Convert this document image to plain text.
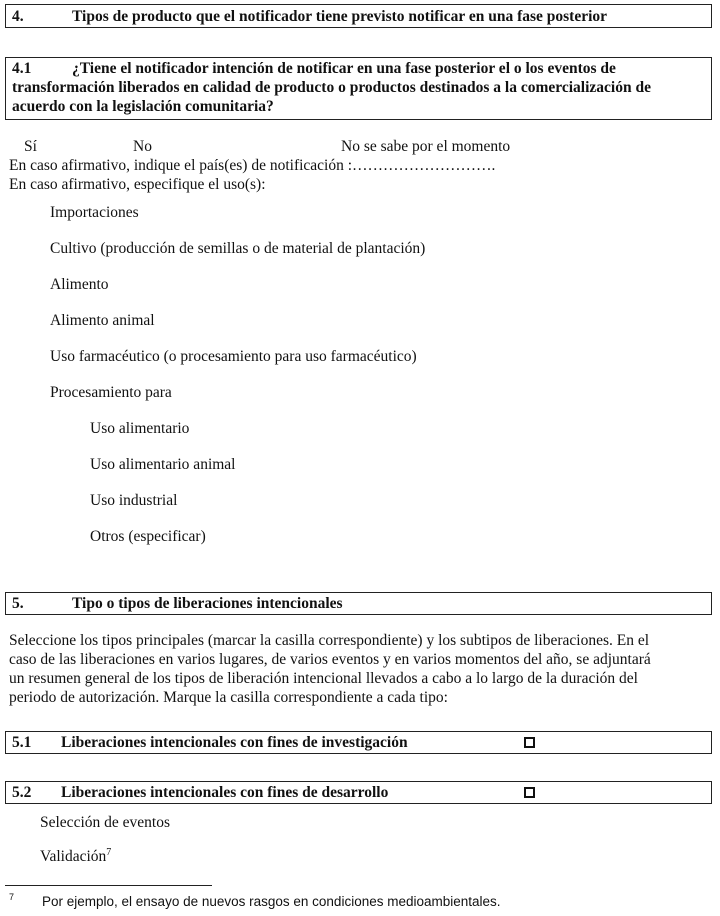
4.	Tipos de producto que el notificador tiene previsto notificar en una fase posterior
4.1	¿Tiene el notificador intención de notificar en una fase posterior el o los eventos de
transformación liberados en calidad de producto o productos destinados a la comercialización de
acuerdo con la legislación comunitaria?
Sí	No	No se sabe por el momento
En caso afirmativo, indique el país(es) de notificación :……………………….
En caso afirmativo, especifique el uso(s):
Importaciones
Cultivo (producción de semillas o de material de plantación)
Alimento
Alimento animal
Uso farmacéutico (o procesamiento para uso farmacéutico)
Procesamiento para
Uso alimentario
Uso alimentario animal
Uso industrial
Otros (especificar)
5.	Tipo o tipos de liberaciones intencionales
Seleccione los tipos principales (marcar la casilla correspondiente) y los subtipos de liberaciones. En el
caso de las liberaciones en varios lugares, de varios eventos y en varios momentos del año, se adjuntará
un resumen general de los tipos de liberación intencional llevados a cabo a lo largo de la duración del
periodo de autorización. Marque la casilla correspondiente a cada tipo:
5.1 Liberaciones intencionales con fines de investigación
5.2 Liberaciones intencionales con fines de desarrollo
Selección de eventos
Validación$^7$
7 Por ejemplo, el ensayo de nuevos rasgos en condiciones medioambientales.
